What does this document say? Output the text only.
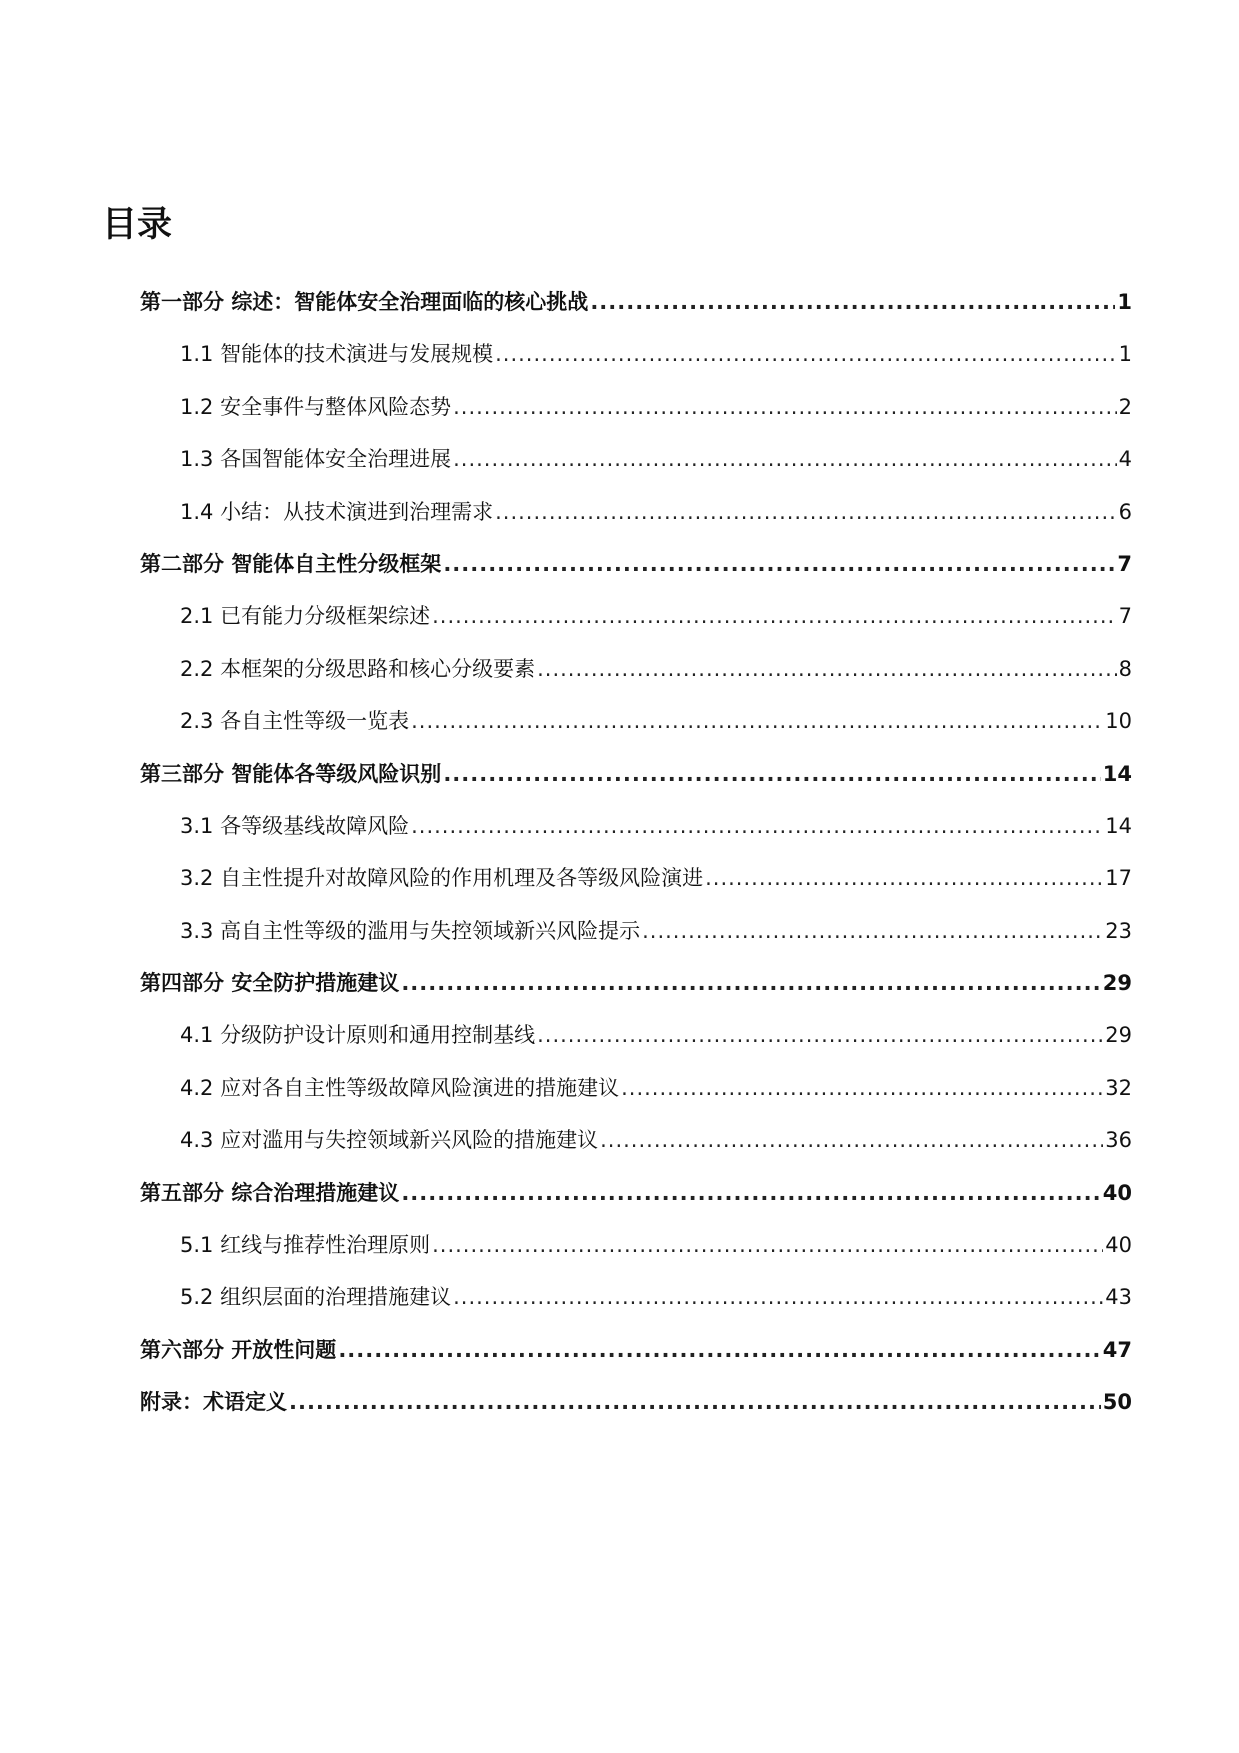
目录
第一部分 综述：智能体安全治理面临的核心挑战 .....	1
1.1 智能体的技术演进与发展规模 .....	1
1.2 安全事件与整体风险态势 .....	2
1.3 各国智能体安全治理进展 .....	4
1.4 小结：从技术演进到治理需求 .....	6
第二部分 智能体自主性分级框架 .....	7
2.1 已有能力分级框架综述 .....	7
2.2 本框架的分级思路和核心分级要素 .....	8
2.3 各自主性等级一览表 .....	10
第三部分 智能体各等级风险识别 .....	14
3.1 各等级基线故障风险 .....	14
3.2 自主性提升对故障风险的作用机理及各等级风险演进 .....	17
3.3 高自主性等级的滥用与失控领域新兴风险提示 .....	23
第四部分 安全防护措施建议 .....	29
4.1 分级防护设计原则和通用控制基线 .....	29
4.2 应对各自主性等级故障风险演进的措施建议 .....	32
4.3 应对滥用与失控领域新兴风险的措施建议 .....	36
第五部分 综合治理措施建议 .....	40
5.1 红线与推荐性治理原则 .....	40
5.2 组织层面的治理措施建议 .....	43
第六部分 开放性问题 .....	47
附录：术语定义 .....	50
